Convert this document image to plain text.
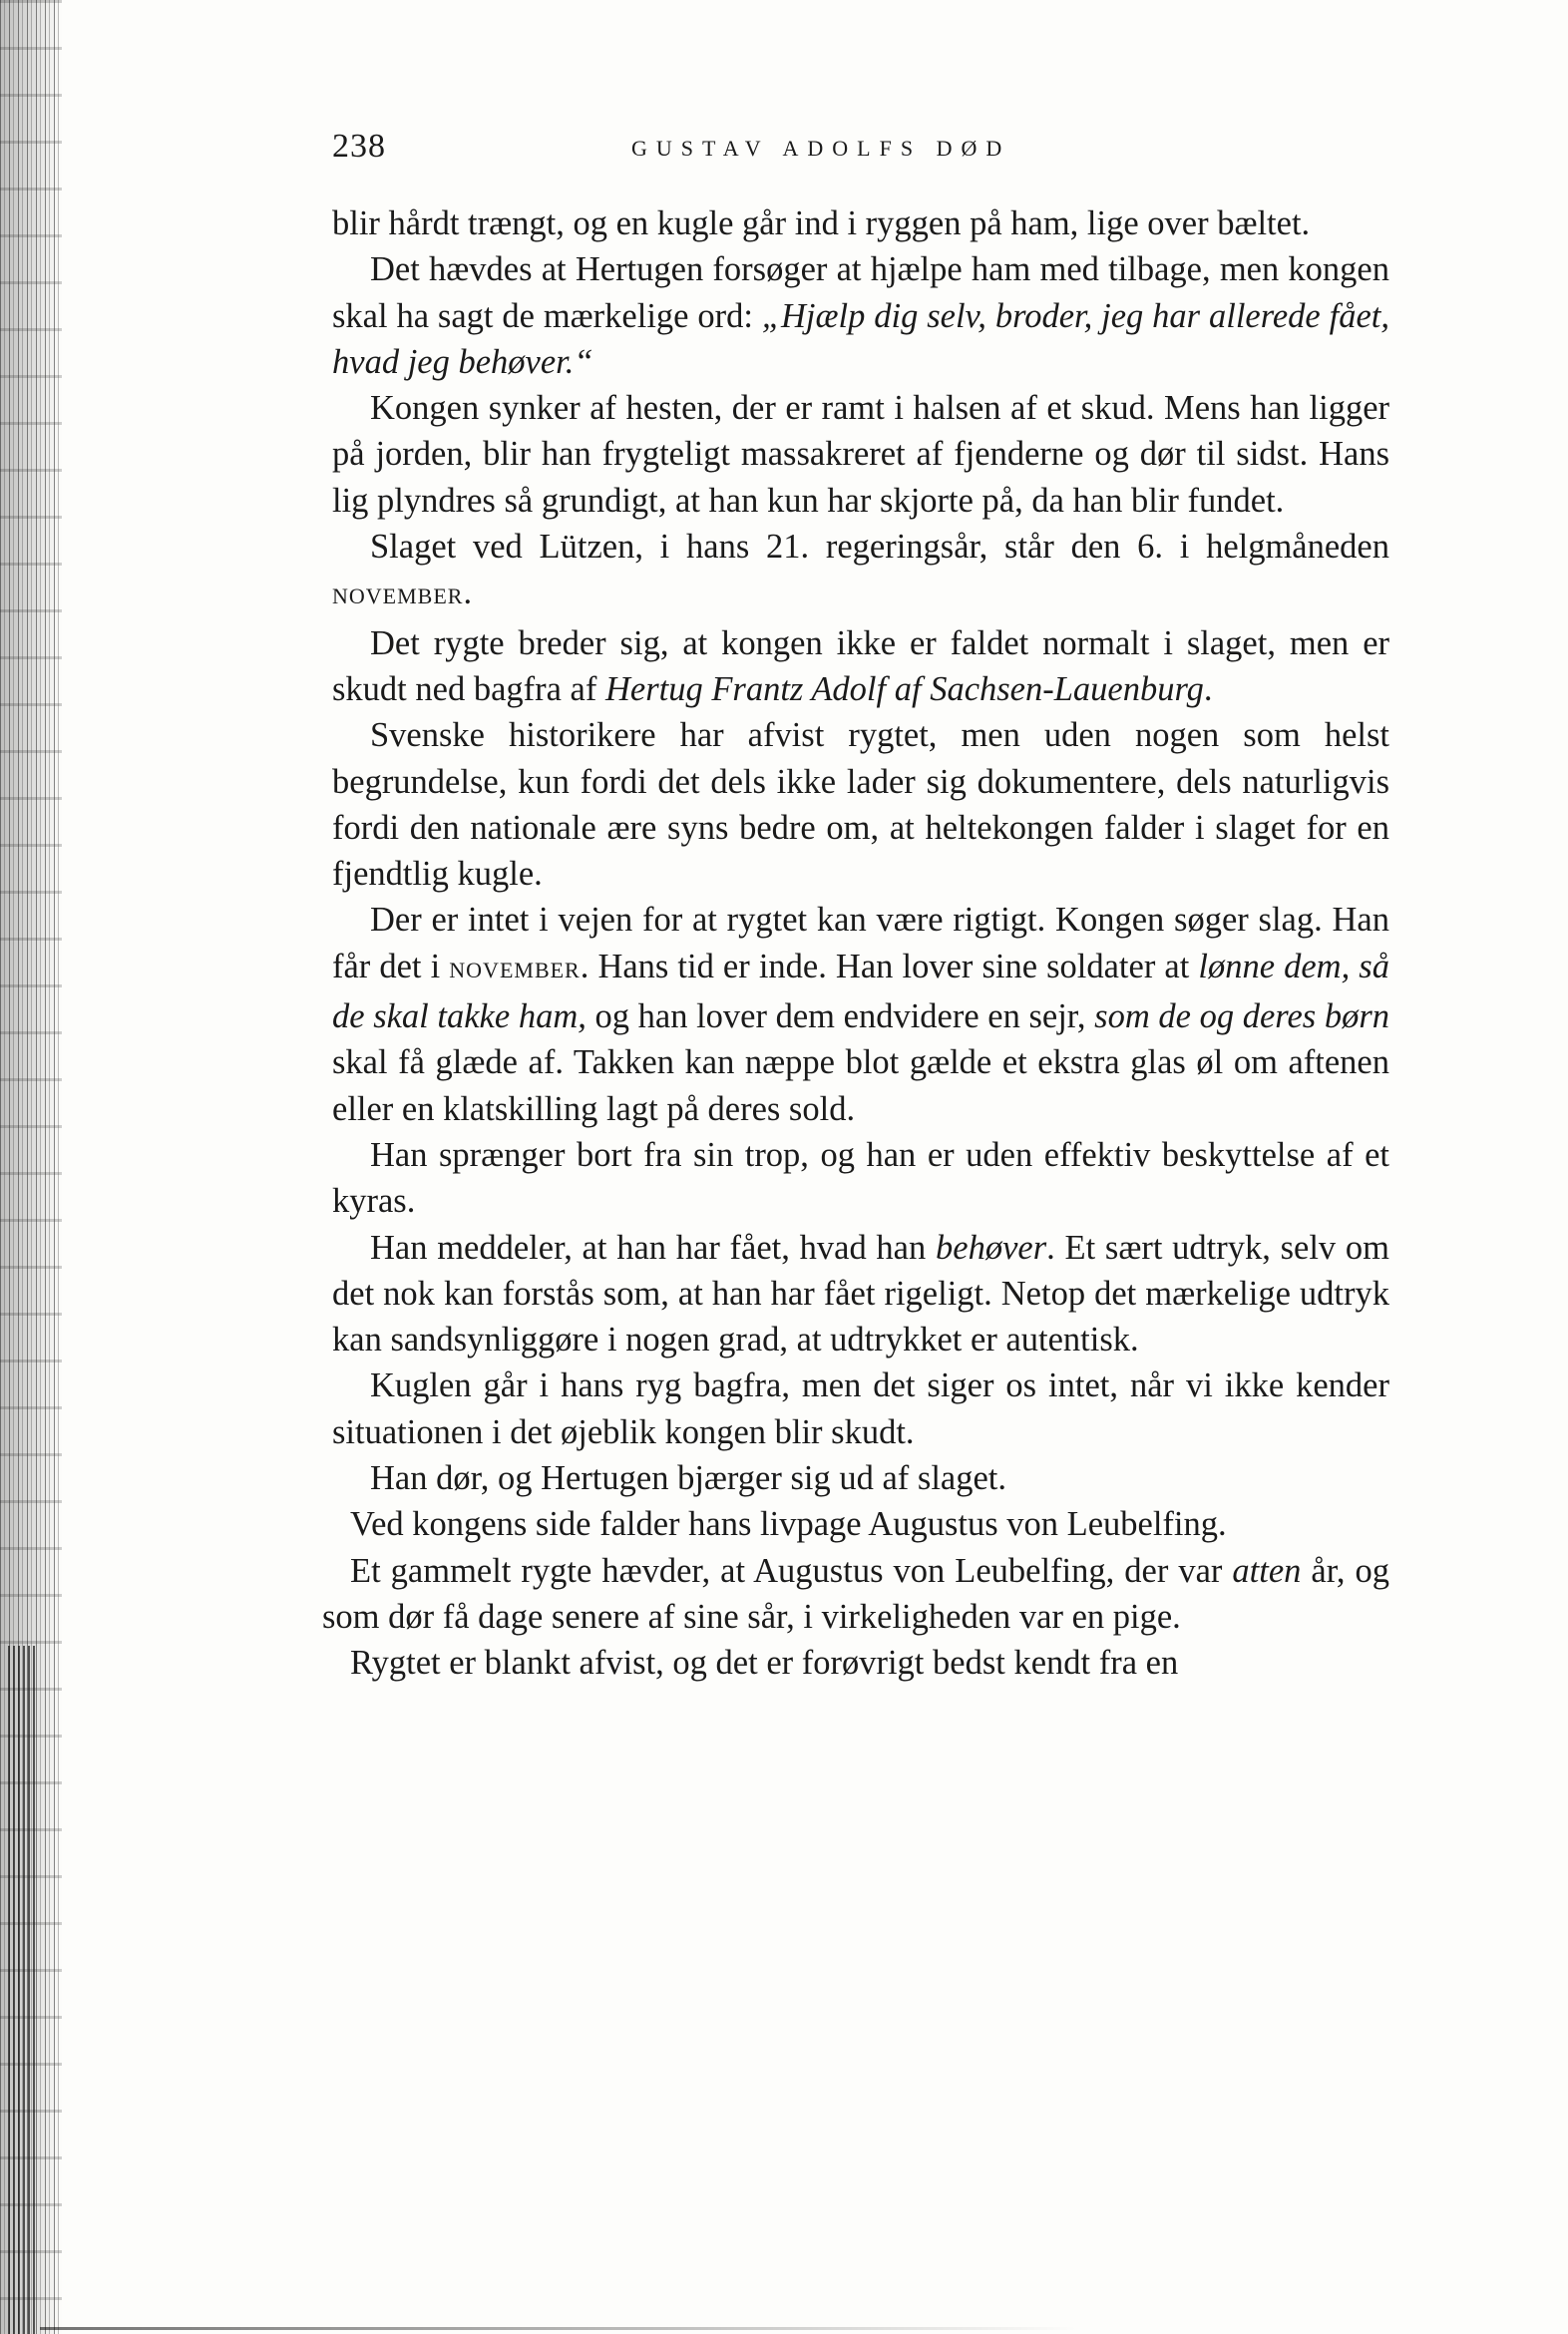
238	GUSTAV ADOLFS DØD

blir hårdt trængt, og en kugle går ind i ryggen på ham, lige over bæltet.

Det hævdes at Hertugen forsøger at hjælpe ham med tilbage, men kongen skal ha sagt de mærkelige ord: „Hjælp dig selv, broder, jeg har allerede fået, hvad jeg behøver.“

Kongen synker af hesten, der er ramt i halsen af et skud. Mens han ligger på jorden, blir han frygteligt massakreret af fjenderne og dør til sidst. Hans lig plyndres så grundigt, at han kun har skjorte på, da han blir fundet.

Slaget ved Lützen, i hans 21. regeringsår, står den 6. i helgmåneden NOVEMBER.

Det rygte breder sig, at kongen ikke er faldet normalt i slaget, men er skudt ned bagfra af Hertug Frantz Adolf af Sachsen-Lauenburg.

Svenske historikere har afvist rygtet, men uden nogen som helst begrundelse, kun fordi det dels ikke lader sig dokumentere, dels naturligvis fordi den nationale ære syns bedre om, at heltekongen falder i slaget for en fjendtlig kugle.

Der er intet i vejen for at rygtet kan være rigtigt. Kongen søger slag. Han får det i NOVEMBER. Hans tid er inde. Han lover sine soldater at lønne dem, så de skal takke ham, og han lover dem endvidere en sejr, som de og deres børn skal få glæde af. Takken kan næppe blot gælde et ekstra glas øl om aftenen eller en klatskilling lagt på deres sold.

Han sprænger bort fra sin trop, og han er uden effektiv beskyttelse af et kyras.

Han meddeler, at han har fået, hvad han behøver. Et sært udtryk, selv om det nok kan forstås som, at han har fået rigeligt. Netop det mærkelige udtryk kan sandsynliggøre i nogen grad, at udtrykket er autentisk.

Kuglen går i hans ryg bagfra, men det siger os intet, når vi ikke kender situationen i det øjeblik kongen blir skudt.

Han dør, og Hertugen bjærger sig ud af slaget.

Ved kongens side falder hans livpage Augustus von Leubelfing.

Et gammelt rygte hævder, at Augustus von Leubelfing, der var atten år, og som dør få dage senere af sine sår, i virkeligheden var en pige.

Rygtet er blankt afvist, og det er forøvrigt bedst kendt fra en
